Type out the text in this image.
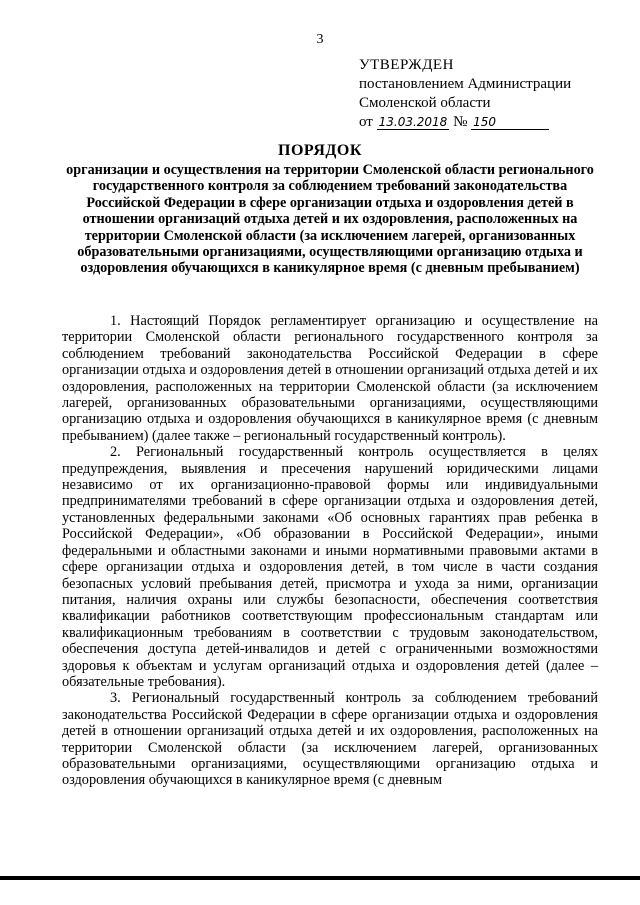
3
УТВЕРЖДЕН
постановлением Администрации
Смоленской области
от 13.03.2018 № 150
ПОРЯДОК
организации и осуществления на территории Смоленской области регионального государственного контроля за соблюдением требований законодательства Российской Федерации в сфере организации отдыха и оздоровления детей в отношении организаций отдыха детей и их оздоровления, расположенных на территории Смоленской области (за исключением лагерей, организованных образовательными организациями, осуществляющими организацию отдыха и оздоровления обучающихся в каникулярное время (с дневным пребыванием)

1. Настоящий Порядок регламентирует организацию и осуществление на территории Смоленской области регионального государственного контроля за соблюдением требований законодательства Российской Федерации в сфере организации отдыха и оздоровления детей в отношении организаций отдыха детей и их оздоровления, расположенных на территории Смоленской области (за исключением лагерей, организованных образовательными организациями, осуществляющими организацию отдыха и оздоровления обучающихся в каникулярное время (с дневным пребыванием) (далее также – региональный государственный контроль).

2. Региональный государственный контроль осуществляется в целях предупреждения, выявления и пресечения нарушений юридическими лицами независимо от их организационно-правовой формы или индивидуальными предпринимателями требований в сфере организации отдыха и оздоровления детей, установленных федеральными законами «Об основных гарантиях прав ребенка в Российской Федерации», «Об образовании в Российской Федерации», иными федеральными и областными законами и иными нормативными правовыми актами в сфере организации отдыха и оздоровления детей, в том числе в части создания безопасных условий пребывания детей, присмотра и ухода за ними, организации питания, наличия охраны или службы безопасности, обеспечения соответствия квалификации работников соответствующим профессиональным стандартам или квалификационным требованиям в соответствии с трудовым законодательством, обеспечения доступа детей-инвалидов и детей с ограниченными возможностями здоровья к объектам и услугам организаций отдыха и оздоровления детей (далее – обязательные требования).

3. Региональный государственный контроль за соблюдением требований законодательства Российской Федерации в сфере организации отдыха и оздоровления детей в отношении организаций отдыха детей и их оздоровления, расположенных на территории Смоленской области (за исключением лагерей, организованных образовательными организациями, осуществляющими организацию отдыха и оздоровления обучающихся в каникулярное время (с дневным
